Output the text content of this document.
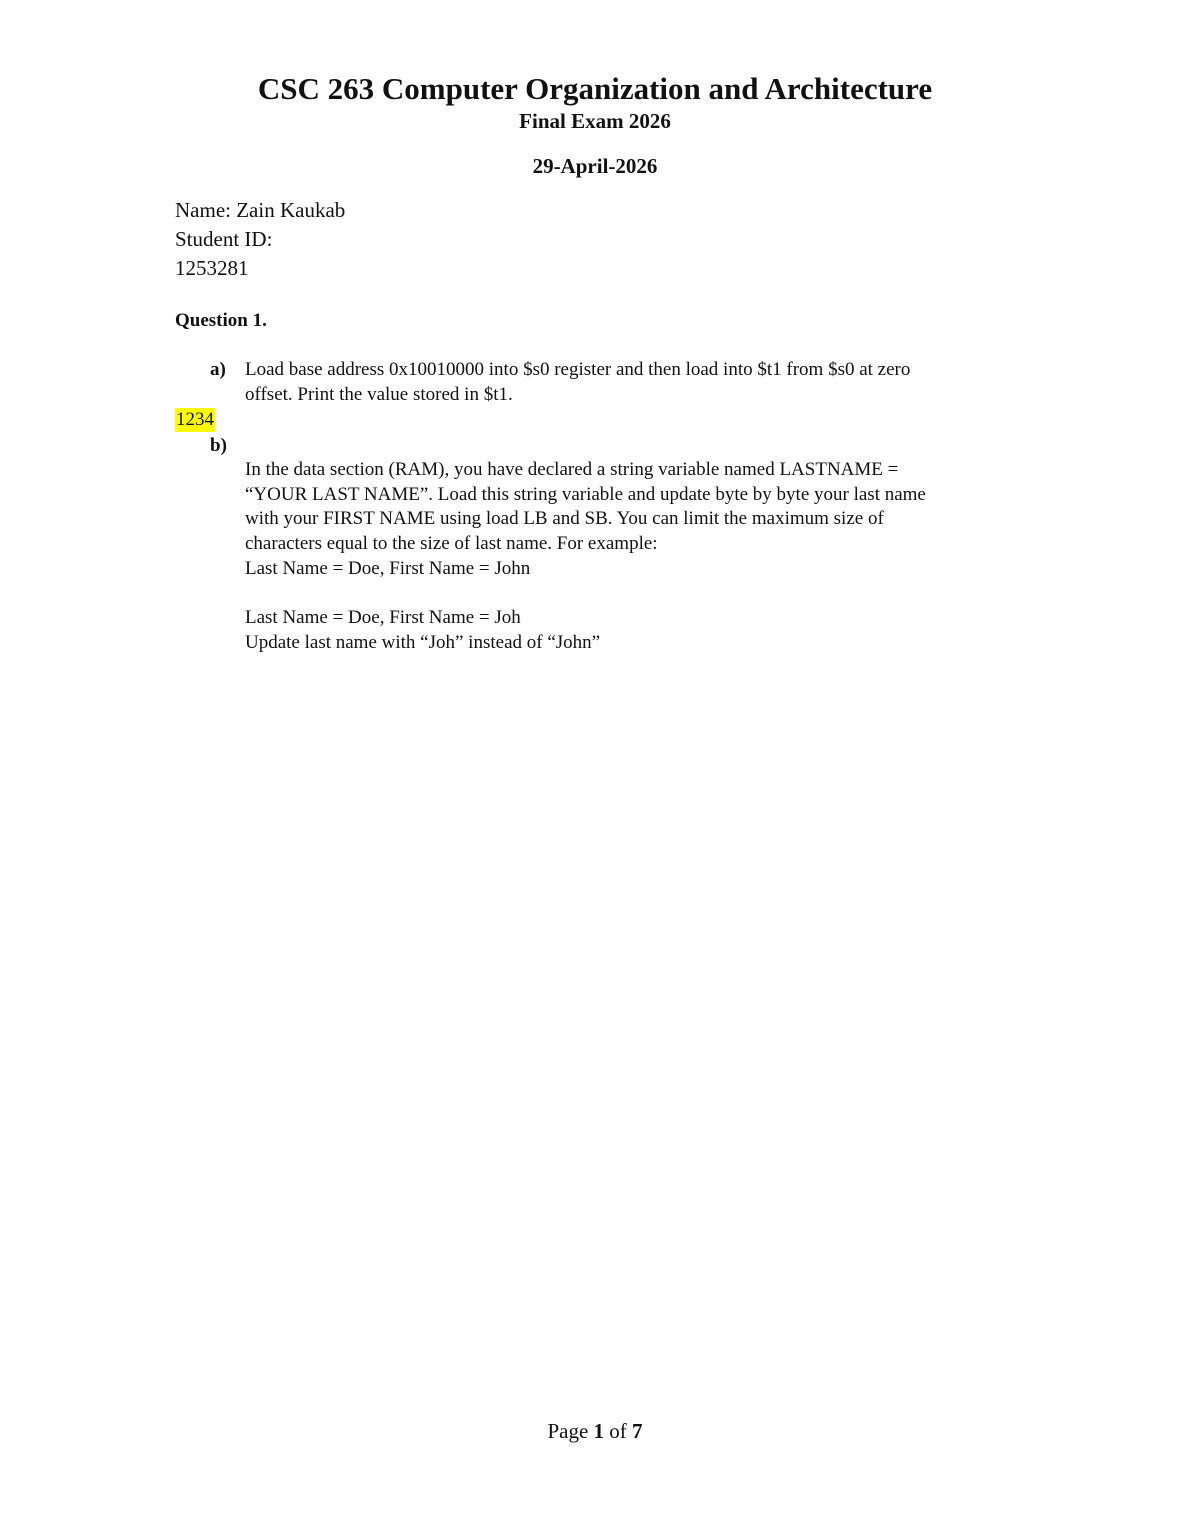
CSC 263 Computer Organization and Architecture
Final Exam 2026
29-April-2026
Name: Zain Kaukab
Student ID:
1253281
Question 1.
a) Load base address 0x10010000 into $s0 register and then load into $t1 from $s0 at zero
offset. Print the value stored in $t1.
1234
b)
In the data section (RAM), you have declared a string variable named LASTNAME =
“YOUR LAST NAME”. Load this string variable and update byte by byte your last name
with your FIRST NAME using load LB and SB. You can limit the maximum size of
characters equal to the size of last name. For example:
Last Name = Doe, First Name = John
Last Name = Doe, First Name = Joh
Update last name with “Joh” instead of “John”
Page 1 of 7
